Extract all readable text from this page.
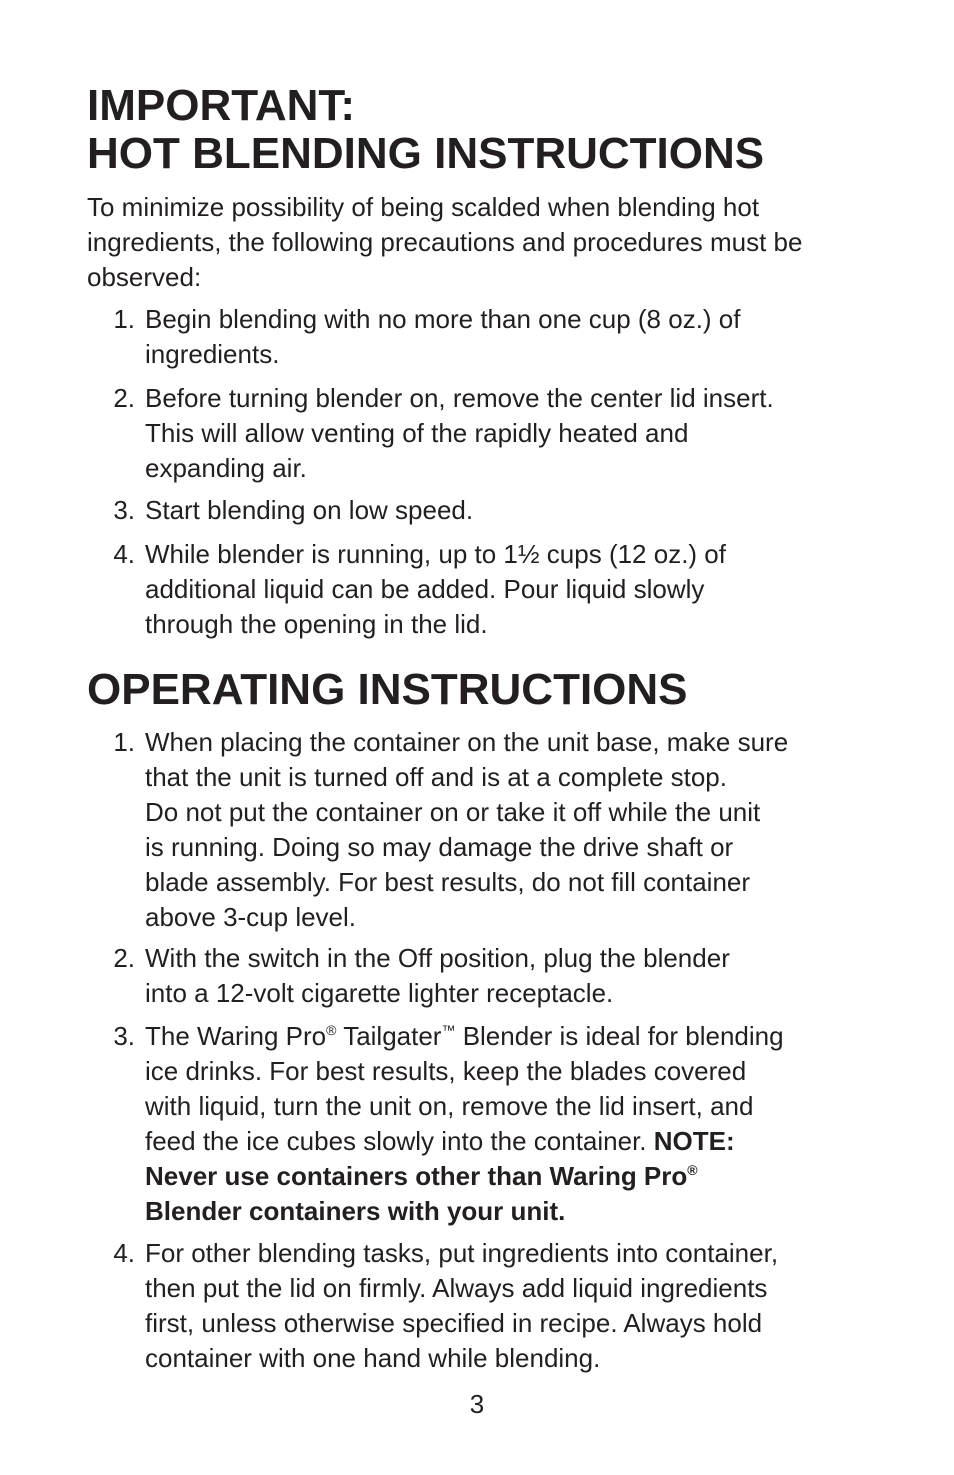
IMPORTANT:
HOT BLENDING INSTRUCTIONS

To minimize possibility of being scalded when blending hot ingredients, the following precautions and procedures must be observed:

1. Begin blending with no more than one cup (8 oz.) of
ingredients.
2. Before turning blender on, remove the center lid insert.
This will allow venting of the rapidly heated and
expanding air.
3. Start blending on low speed.
4. While blender is running, up to 1½ cups (12 oz.) of
additional liquid can be added. Pour liquid slowly
through the opening in the lid.
OPERATING INSTRUCTIONS
1. When placing the container on the unit base, make sure
that the unit is turned off and is at a complete stop.
Do not put the container on or take it off while the unit
is running. Doing so may damage the drive shaft or
blade assembly. For best results, do not fill container
above 3-cup level.
2. With the switch in the Off position, plug the blender
into a 12-volt cigarette lighter receptacle.
3. The Waring Pro® Tailgater™ Blender is ideal for blending
ice drinks. For best results, keep the blades covered
with liquid, turn the unit on, remove the lid insert, and
feed the ice cubes slowly into the container. NOTE:
Never use containers other than Waring Pro®
Blender containers with your unit.
4. For other blending tasks, put ingredients into container,
then put the lid on firmly. Always add liquid ingredients
first, unless otherwise specified in recipe. Always hold
container with one hand while blending.
3
